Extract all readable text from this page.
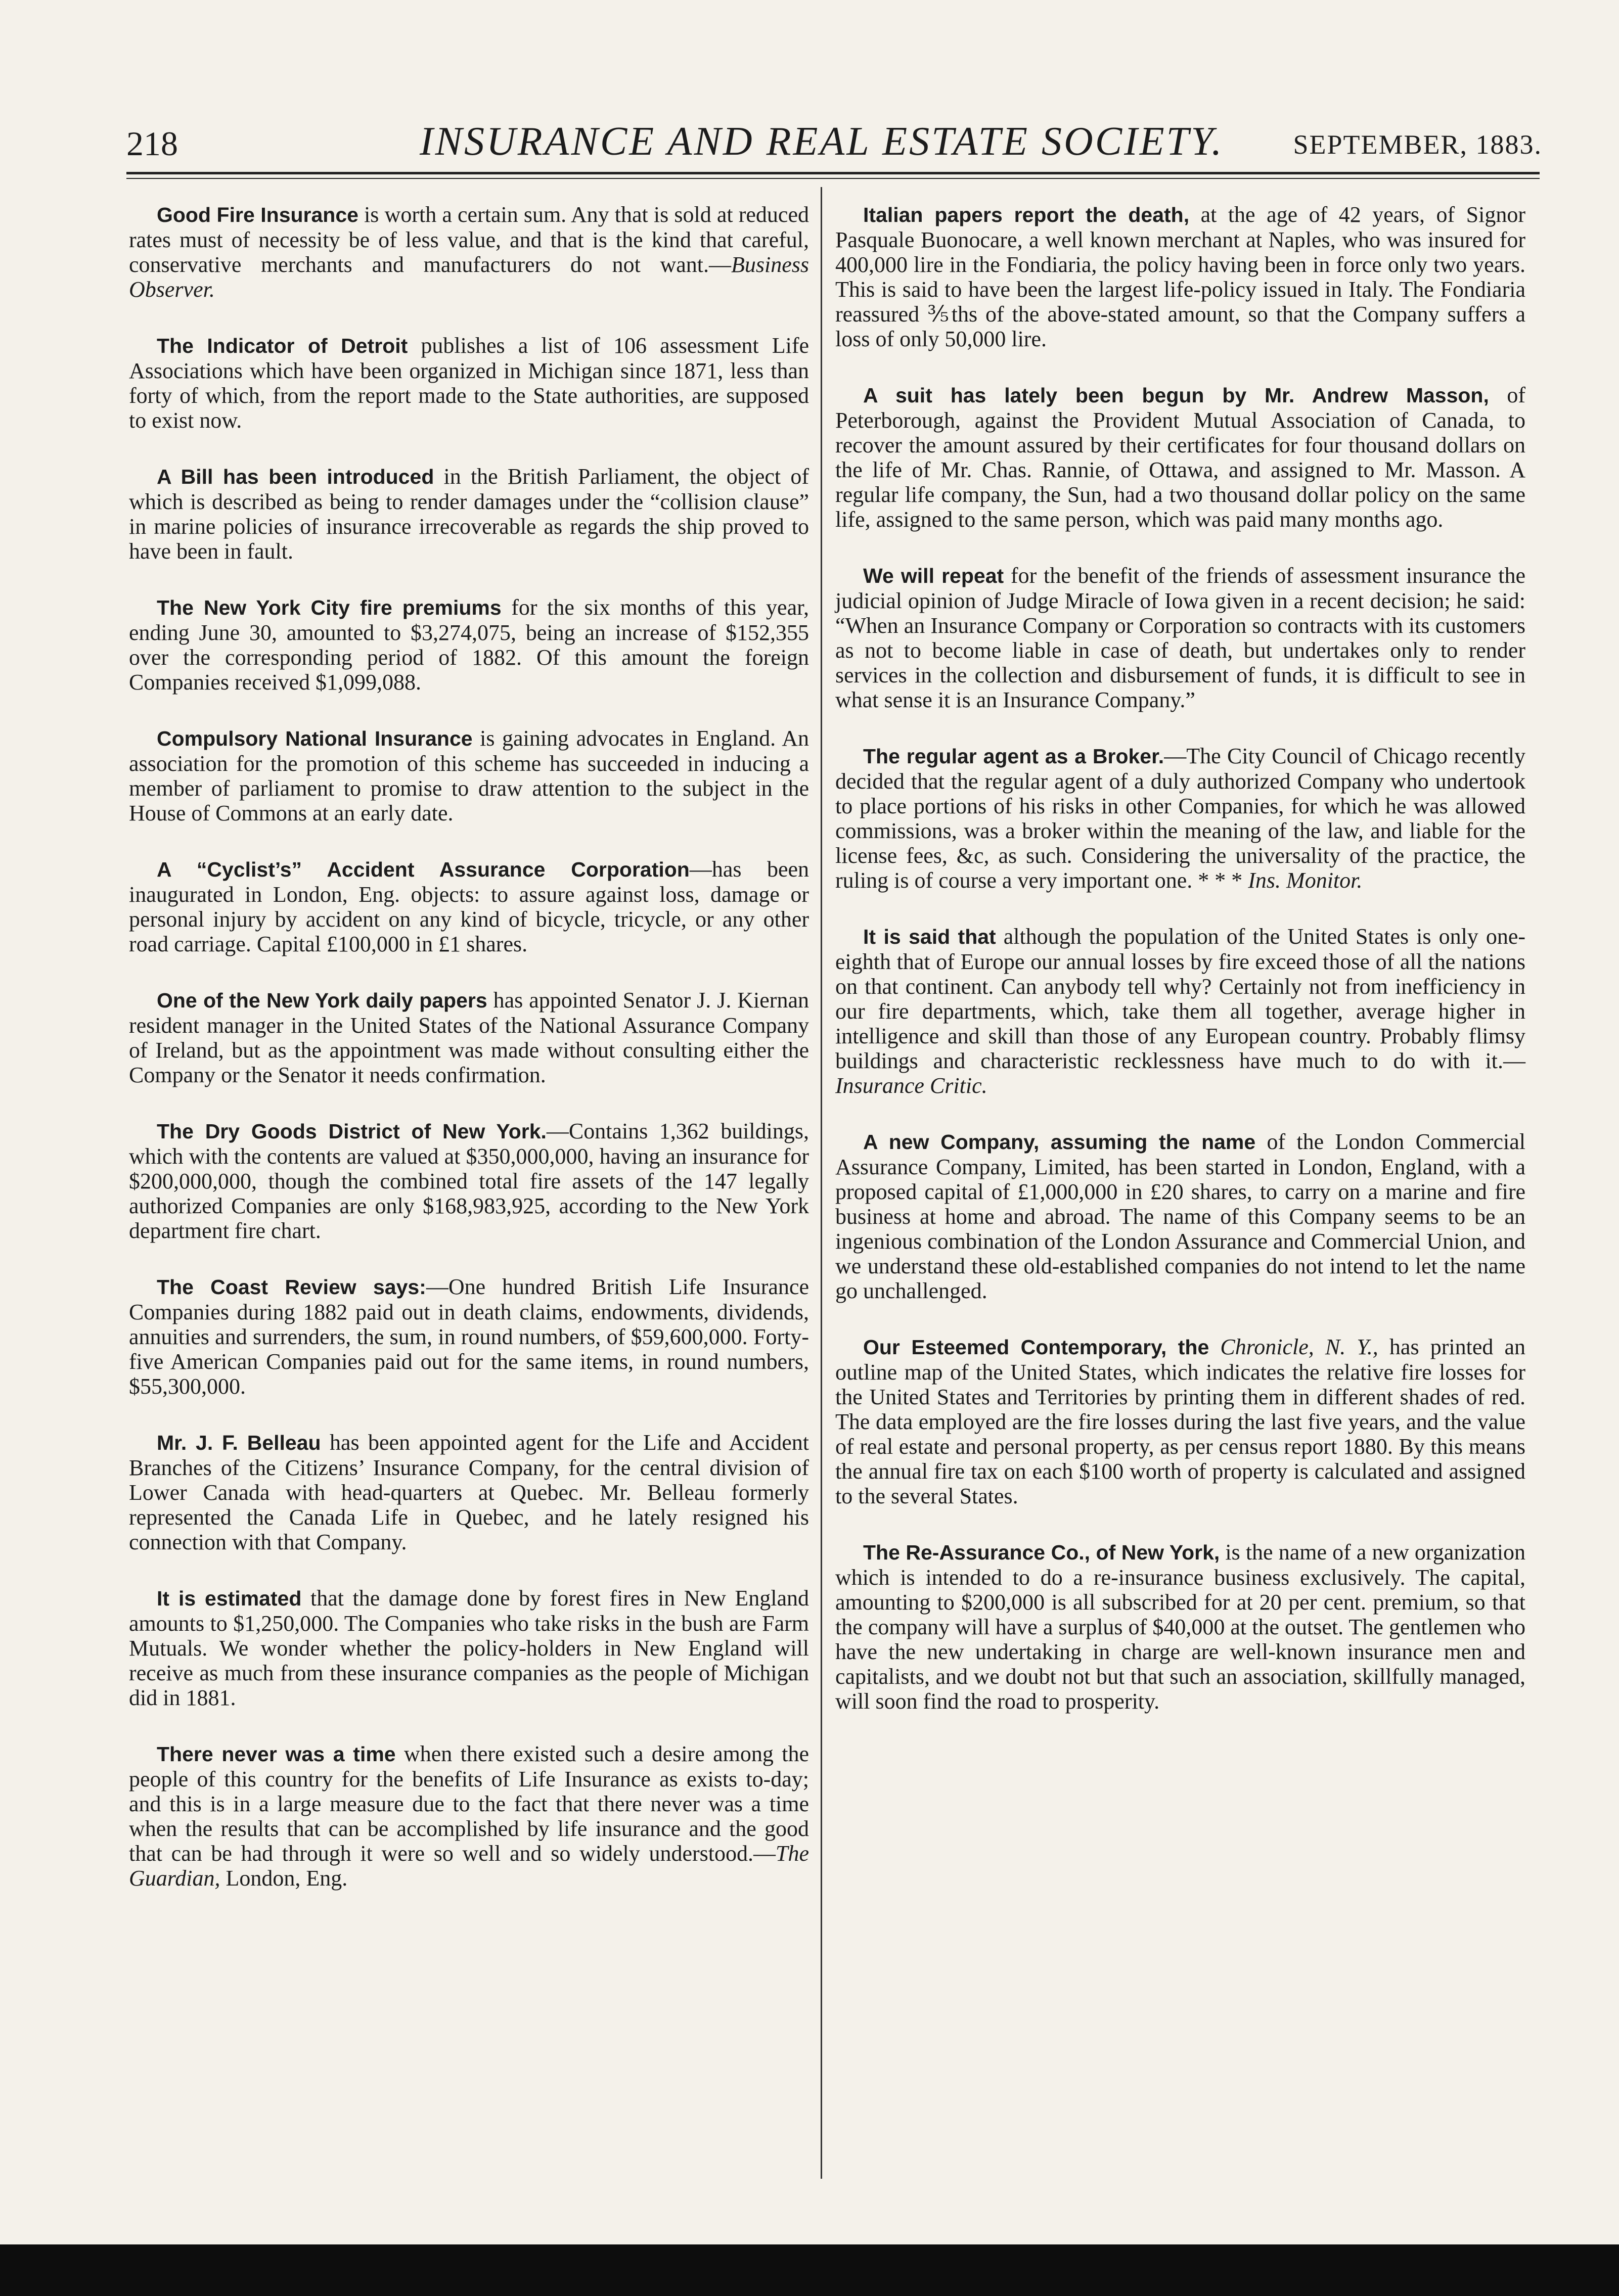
218	INSURANCE AND REAL ESTATE SOCIETY.	SEPTEMBER, 1883.

Good Fire Insurance is worth a certain sum. Any that is sold at reduced rates must of necessity be of less value, and that is the kind that careful, conservative merchants and manufacturers do not want.—Business Observer.

The Indicator of Detroit publishes a list of 106 assessment Life Associations which have been organized in Michigan since 1871, less than forty of which, from the report made to the State authorities, are supposed to exist now.

A Bill has been introduced in the British Parliament, the object of which is described as being to render damages under the “collision clause” in marine policies of insurance irrecoverable as regards the ship proved to have been in fault.

The New York City fire premiums for the six months of this year, ending June 30, amounted to $3,274,075, being an increase of $152,355 over the corresponding period of 1882. Of this amount the foreign Companies received $1,099,088.

Compulsory National Insurance is gaining advocates in England. An association for the promotion of this scheme has succeeded in inducing a member of parliament to promise to draw attention to the subject in the House of Commons at an early date.

A “Cyclist’s” Accident Assurance Corporation—has been inaugurated in London, Eng. objects: to assure against loss, damage or personal injury by accident on any kind of bicycle, tricycle, or any other road carriage. Capital £100,000 in £1 shares.

One of the New York daily papers has appointed Senator J. J. Kiernan resident manager in the United States of the National Assurance Company of Ireland, but as the appointment was made without consulting either the Company or the Senator it needs confirmation.

The Dry Goods District of New York.—Contains 1,362 buildings, which with the contents are valued at $350,000,000, having an insurance for $200,000,000, though the combined total fire assets of the 147 legally authorized Companies are only $168,983,925, according to the New York department fire chart.

The Coast Review says:—One hundred British Life Insurance Companies during 1882 paid out in death claims, endowments, dividends, annuities and surrenders, the sum, in round numbers, of $59,600,000. Forty-five American Companies paid out for the same items, in round numbers, $55,300,000.

Mr. J. F. Belleau has been appointed agent for the Life and Accident Branches of the Citizens’ Insurance Company, for the central division of Lower Canada with head-quarters at Quebec. Mr. Belleau formerly represented the Canada Life in Quebec, and he lately resigned his connection with that Company.

It is estimated that the damage done by forest fires in New England amounts to $1,250,000. The Companies who take risks in the bush are Farm Mutuals. We wonder whether the policy-holders in New England will receive as much from these insurance companies as the people of Michigan did in 1881.

There never was a time when there existed such a desire among the people of this country for the benefits of Life Insurance as exists to-day; and this is in a large measure due to the fact that there never was a time when the results that can be accomplished by life insurance and the good that can be had through it were so well and so widely understood.—The Guardian, London, Eng.

Italian papers report the death, at the age of 42 years, of Signor Pasquale Buonocare, a well known merchant at Naples, who was insured for 400,000 lire in the Fondiaria, the policy having been in force only two years. This is said to have been the largest life-policy issued in Italy. The Fondiaria reassured ⅗ths of the above-stated amount, so that the Company suffers a loss of only 50,000 lire.

A suit has lately been begun by Mr. Andrew Masson, of Peterborough, against the Provident Mutual Association of Canada, to recover the amount assured by their certificates for four thousand dollars on the life of Mr. Chas. Rannie, of Ottawa, and assigned to Mr. Masson. A regular life company, the Sun, had a two thousand dollar policy on the same life, assigned to the same person, which was paid many months ago.

We will repeat for the benefit of the friends of assessment insurance the judicial opinion of Judge Miracle of Iowa given in a recent decision; he said: “When an Insurance Company or Corporation so contracts with its customers as not to become liable in case of death, but undertakes only to render services in the collection and disbursement of funds, it is difficult to see in what sense it is an Insurance Company.”

The regular agent as a Broker.—The City Council of Chicago recently decided that the regular agent of a duly authorized Company who undertook to place portions of his risks in other Companies, for which he was allowed commissions, was a broker within the meaning of the law, and liable for the license fees, &c, as such. Considering the universality of the practice, the ruling is of course a very important one. * * * Ins. Monitor.

It is said that although the population of the United States is only one-eighth that of Europe our annual losses by fire exceed those of all the nations on that continent. Can anybody tell why? Certainly not from inefficiency in our fire departments, which, take them all together, average higher in intelligence and skill than those of any European country. Probably flimsy buildings and characteristic recklessness have much to do with it.—Insurance Critic.

A new Company, assuming the name of the London Commercial Assurance Company, Limited, has been started in London, England, with a proposed capital of £1,000,000 in £20 shares, to carry on a marine and fire business at home and abroad. The name of this Company seems to be an ingenious combination of the London Assurance and Commercial Union, and we understand these old-established companies do not intend to let the name go unchallenged.

Our Esteemed Contemporary, the Chronicle, N. Y., has printed an outline map of the United States, which indicates the relative fire losses for the United States and Territories by printing them in different shades of red. The data employed are the fire losses during the last five years, and the value of real estate and personal property, as per census report 1880. By this means the annual fire tax on each $100 worth of property is calculated and assigned to the several States.

The Re-Assurance Co., of New York, is the name of a new organization which is intended to do a re-insurance business exclusively. The capital, amounting to $200,000 is all subscribed for at 20 per cent. premium, so that the company will have a surplus of $40,000 at the outset. The gentlemen who have the new undertaking in charge are well-known insurance men and capitalists, and we doubt not but that such an association, skillfully managed, will soon find the road to prosperity.
